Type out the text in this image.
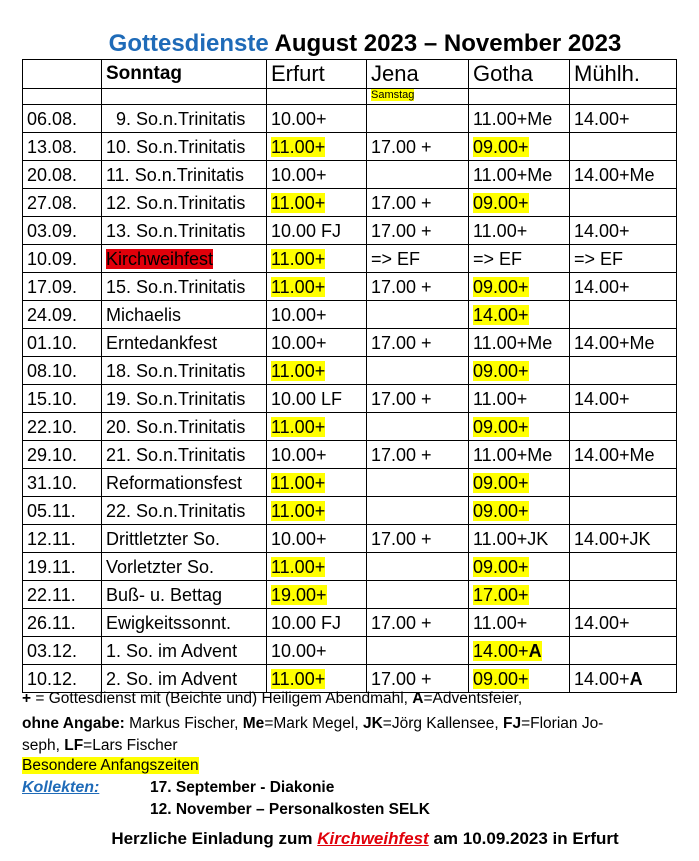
Gottesdienste August 2023 – November 2023
	Sonntag	Erfurt	Jena	Gotha	Mühlh.
			Samstag		
06.08.	9. So.n.Trinitatis	10.00+		11.00+Me	14.00+
13.08.	10. So.n.Trinitatis	11.00+	17.00 +	09.00+	
20.08.	11. So.n.Trinitatis	10.00+		11.00+Me	14.00+Me
27.08.	12. So.n.Trinitatis	11.00+	17.00 +	09.00+	
03.09.	13. So.n.Trinitatis	10.00 FJ	17.00 +	11.00+	14.00+
10.09.	Kirchweihfest	11.00+	=> EF	=> EF	=> EF
17.09.	15. So.n.Trinitatis	11.00+	17.00 +	09.00+	14.00+
24.09.	Michaelis	10.00+		14.00+	
01.10.	Erntedankfest	10.00+	17.00 +	11.00+Me	14.00+Me
08.10.	18. So.n.Trinitatis	11.00+		09.00+	
15.10.	19. So.n.Trinitatis	10.00 LF	17.00 +	11.00+	14.00+
22.10.	20. So.n.Trinitatis	11.00+		09.00+	
29.10.	21. So.n.Trinitatis	10.00+	17.00 +	11.00+Me	14.00+Me
31.10.	Reformationsfest	11.00+		09.00+	
05.11.	22. So.n.Trinitatis	11.00+		09.00+	
12.11.	Drittletzter So.	10.00+	17.00 +	11.00+JK	14.00+JK
19.11.	Vorletzter So.	11.00+		09.00+	
22.11.	Buß- u. Bettag	19.00+		17.00+	
26.11.	Ewigkeitssonnt.	10.00 FJ	17.00 +	11.00+	14.00+
03.12.	1. So. im Advent	10.00+		14.00+A	
10.12.	2. So. im Advent	11.00+	17.00 +	09.00+	14.00+A
+ = Gottesdienst mit (Beichte und) Heiligem Abendmahl, A=Adventsfeier,
ohne Angabe: Markus Fischer, Me=Mark Megel, JK=Jörg Kallensee, FJ=Florian Jo-
seph, LF=Lars Fischer
Besondere Anfangszeiten
Kollekten:	17. September - Diakonie
12. November – Personalkosten SELK
Herzliche Einladung zum Kirchweihfest am 10.09.2023 in Erfurt
